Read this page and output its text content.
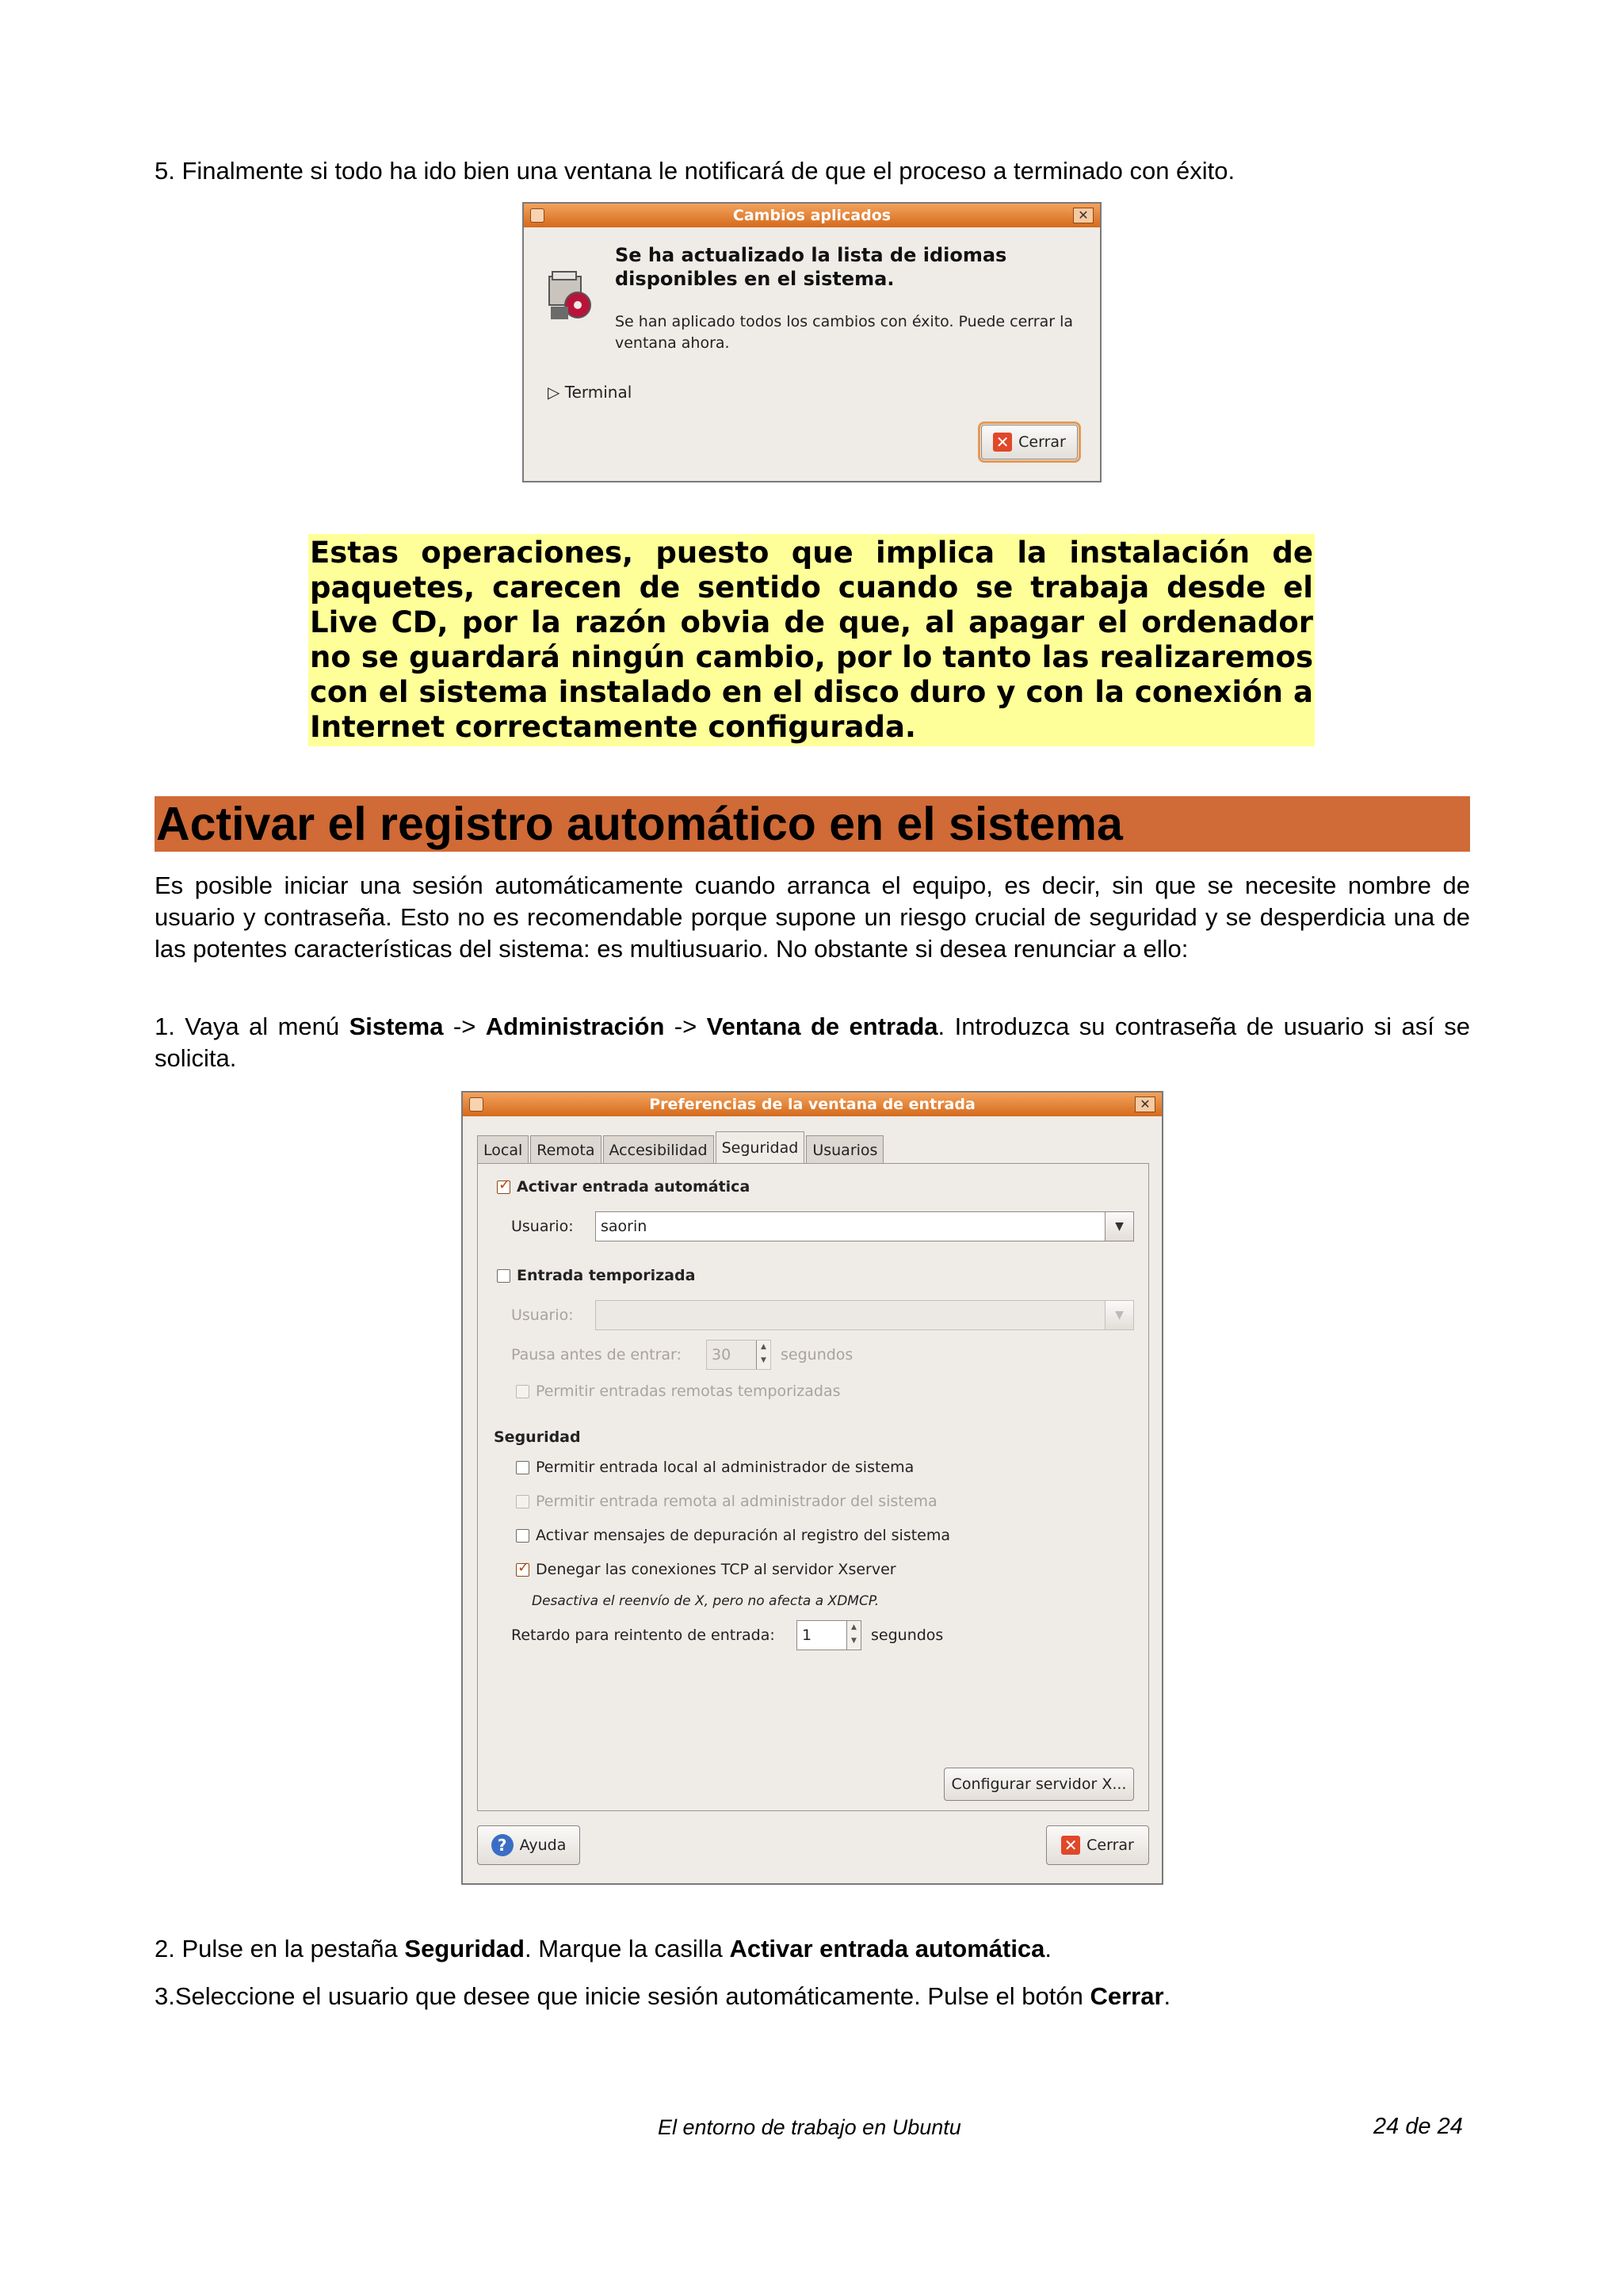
5. Finalmente si todo ha ido bien una ventana le notificará de que el proceso a terminado con éxito.
Cambios aplicados	✕
Se ha actualizado la lista de idiomas disponibles en el sistema.
Se han aplicado todos los cambios con éxito. Puede cerrar la ventana ahora.
▷ Terminal
✕ Cerrar
Estas operaciones, puesto que implica la instalación de paquetes, carecen de sentido cuando se trabaja desde el Live CD, por la razón obvia de que, al apagar el ordenador no se guardará ningún cambio, por lo tanto las realizaremos con el sistema instalado en el disco duro y con la conexión a Internet correctamente configurada.
Activar el registro automático en el sistema
Es posible iniciar una sesión automáticamente cuando arranca el equipo, es decir, sin que se necesite nombre de usuario y contraseña. Esto no es recomendable porque supone un riesgo crucial de seguridad y se desperdicia una de las potentes características del sistema: es multiusuario. No obstante si desea renunciar a ello:
1. Vaya al menú Sistema -> Administración -> Ventana de entrada. Introduzca su contraseña de usuario si así se solicita.
Preferencias de la ventana de entrada	✕
Local Remota Accesibilidad Seguridad Usuarios
✓
Activar entrada automática
Usuario:	saorin	▼
Entrada temporizada
Usuario:	▼
Pausa antes de entrar:	30	▲
▼ segundos
Permitir entradas remotas temporizadas
Seguridad
Permitir entrada local al administrador de sistema
Permitir entrada remota al administrador del sistema
Activar mensajes de depuración al registro del sistema
✓
Denegar las conexiones TCP al servidor Xserver
Desactiva el reenvío de X, pero no afecta a XDMCP.
Retardo para reintento de entrada:	1	▲
▼ segundos
Configurar servidor X...
? Ayuda	✕ Cerrar
2. Pulse en la pestaña Seguridad. Marque la casilla Activar entrada automática.
3.Seleccione el usuario que desee que inicie sesión automáticamente. Pulse el botón Cerrar.
El entorno de trabajo en Ubuntu	24 de 24
